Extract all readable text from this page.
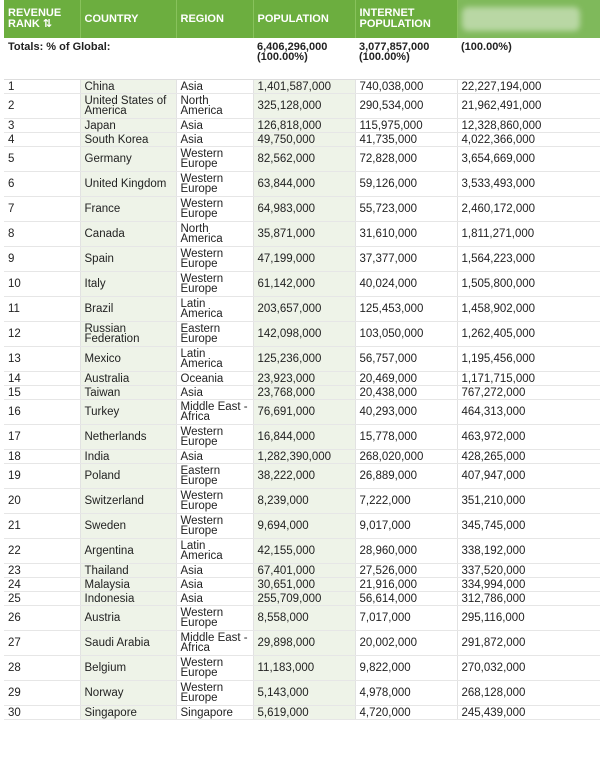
REVENUE RANK ⇅	COUNTRY	REGION	POPULATION	INTERNET POPULATION	

Totals: % of Global:			6,406,296,000 (100.00%)	3,077,857,000 (100.00%)	(100.00%)
1	China	Asia	1,401,587,000	740,038,000	22,227,194,000
2	United States of America	North America	325,128,000	290,534,000	21,962,491,000
3	Japan	Asia	126,818,000	115,975,000	12,328,860,000
4	South Korea	Asia	49,750,000	41,735,000	4,022,366,000
5	Germany	Western Europe	82,562,000	72,828,000	3,654,669,000
6	United Kingdom	Western Europe	63,844,000	59,126,000	3,533,493,000
7	France	Western Europe	64,983,000	55,723,000	2,460,172,000
8	Canada	North America	35,871,000	31,610,000	1,811,271,000
9	Spain	Western Europe	47,199,000	37,377,000	1,564,223,000
10	Italy	Western Europe	61,142,000	40,024,000	1,505,800,000
11	Brazil	Latin America	203,657,000	125,453,000	1,458,902,000
12	Russian Federation	Eastern Europe	142,098,000	103,050,000	1,262,405,000
13	Mexico	Latin America	125,236,000	56,757,000	1,195,456,000
14	Australia	Oceania	23,923,000	20,469,000	1,171,715,000
15	Taiwan	Asia	23,768,000	20,438,000	767,272,000
16	Turkey	Middle East - Africa	76,691,000	40,293,000	464,313,000
17	Netherlands	Western Europe	16,844,000	15,778,000	463,972,000
18	India	Asia	1,282,390,000	268,020,000	428,265,000
19	Poland	Eastern Europe	38,222,000	26,889,000	407,947,000
20	Switzerland	Western Europe	8,239,000	7,222,000	351,210,000
21	Sweden	Western Europe	9,694,000	9,017,000	345,745,000
22	Argentina	Latin America	42,155,000	28,960,000	338,192,000
23	Thailand	Asia	67,401,000	27,526,000	337,520,000
24	Malaysia	Asia	30,651,000	21,916,000	334,994,000
25	Indonesia	Asia	255,709,000	56,614,000	312,786,000
26	Austria	Western Europe	8,558,000	7,017,000	295,116,000
27	Saudi Arabia	Middle East - Africa	29,898,000	20,002,000	291,872,000
28	Belgium	Western Europe	11,183,000	9,822,000	270,032,000
29	Norway	Western Europe	5,143,000	4,978,000	268,128,000
30	Singapore	Singapore	5,619,000	4,720,000	245,439,000
